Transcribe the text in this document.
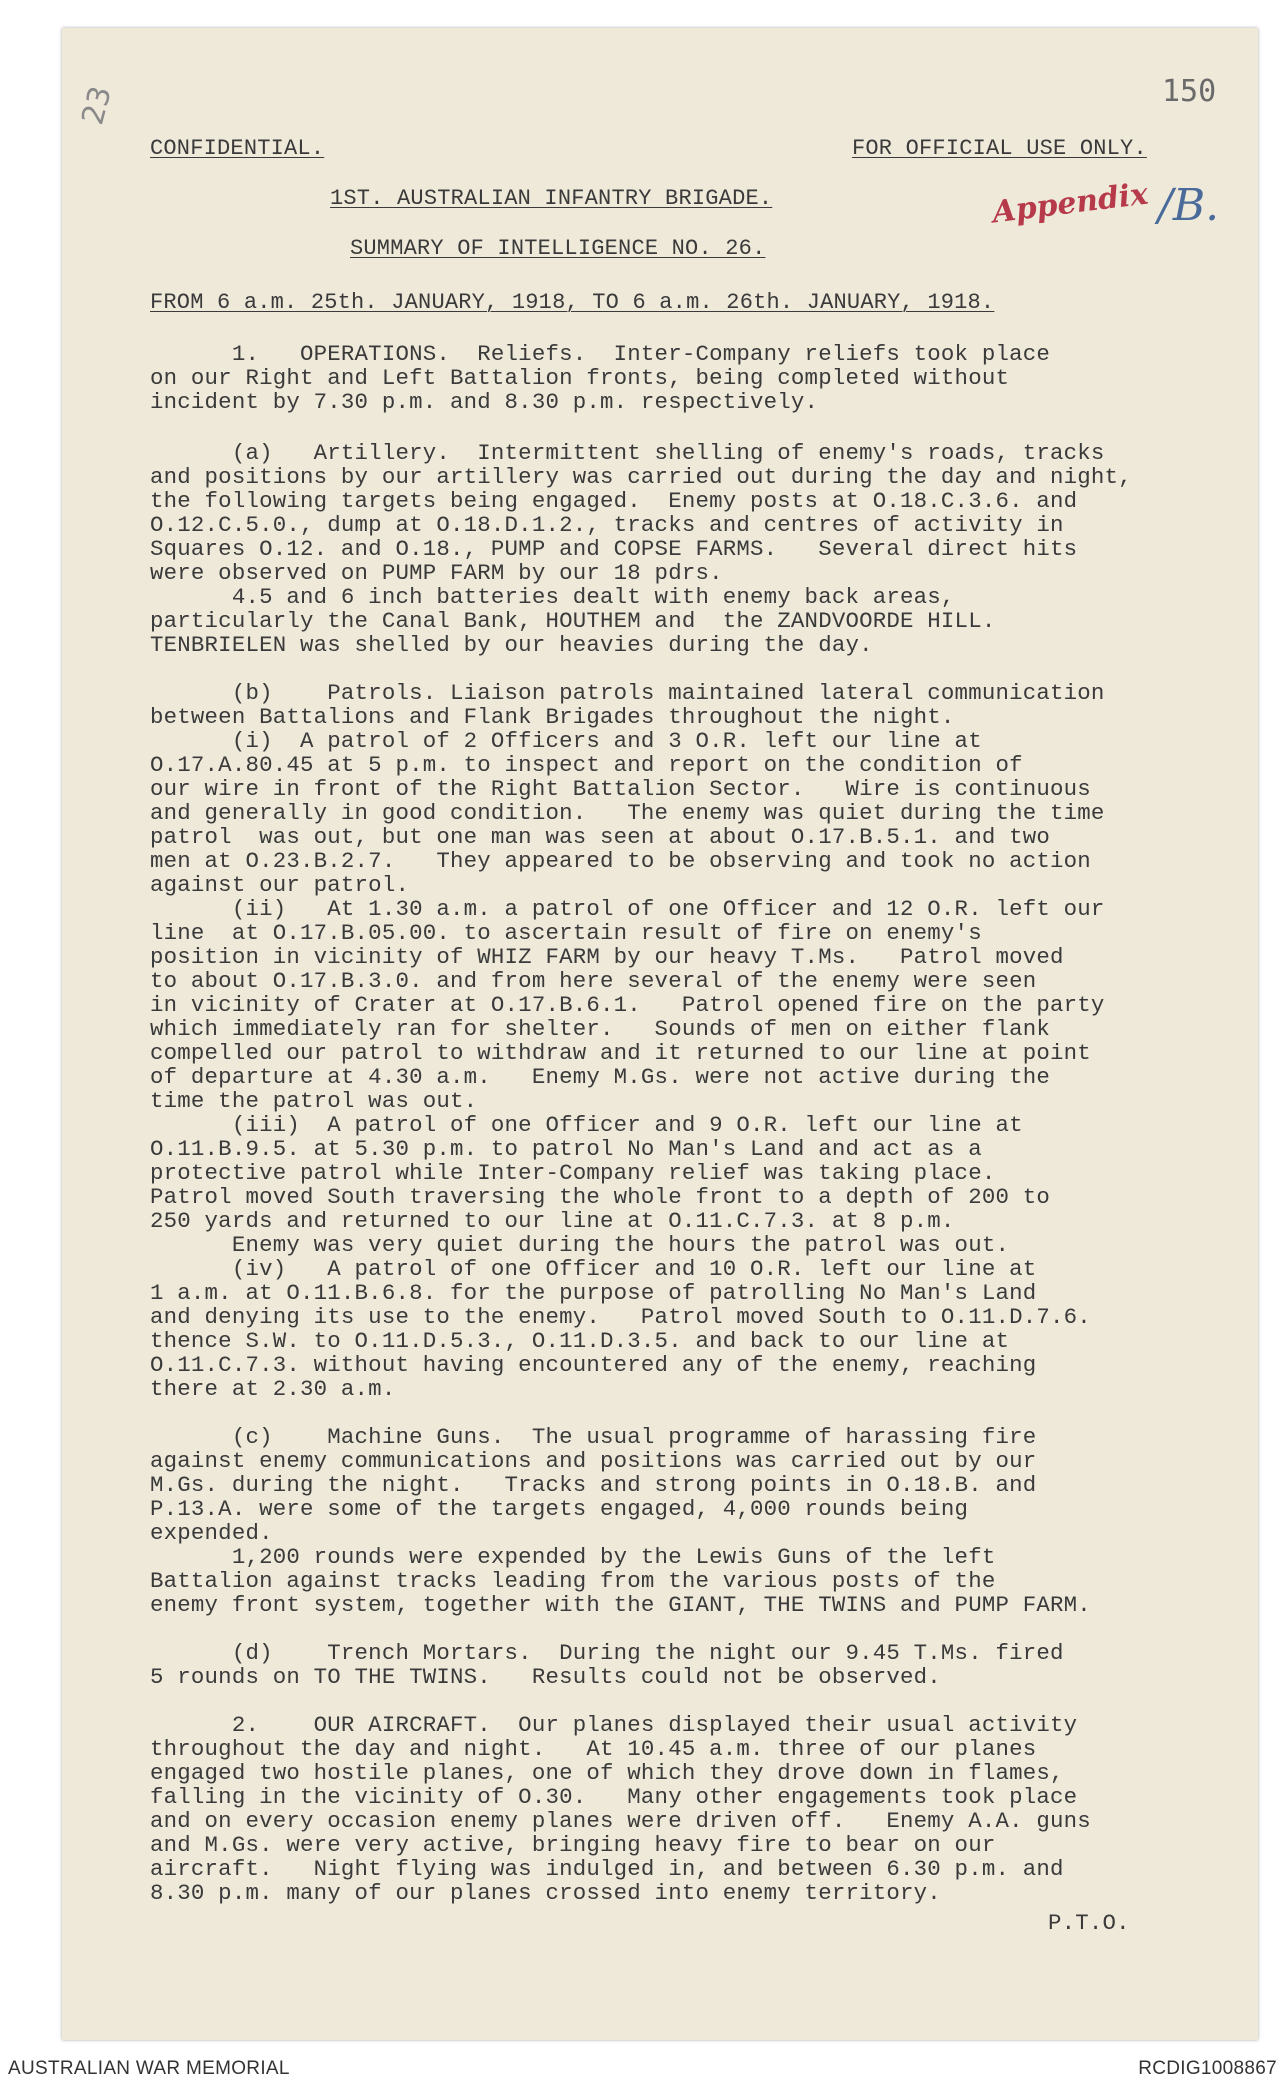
23	150
CONFIDENTIAL.	FOR OFFICIAL USE ONLY.
Appendix /B.
1ST. AUSTRALIAN INFANTRY BRIGADE.
SUMMARY OF INTELLIGENCE NO. 26.
FROM 6 a.m. 25th. JANUARY, 1918, TO 6 a.m. 26th. JANUARY, 1918.
1.   OPERATIONS.  Reliefs.  Inter-Company reliefs took place
on our Right and Left Battalion fronts, being completed without
incident by 7.30 p.m. and 8.30 p.m. respectively.
(a)   Artillery.  Intermittent shelling of enemy's roads, tracks
and positions by our artillery was carried out during the day and night,
the following targets being engaged.  Enemy posts at O.18.C.3.6. and
O.12.C.5.0., dump at O.18.D.1.2., tracks and centres of activity in
Squares O.12. and O.18., PUMP and COPSE FARMS.   Several direct hits
were observed on PUMP FARM by our 18 pdrs.
4.5 and 6 inch batteries dealt with enemy back areas,
particularly the Canal Bank, HOUTHEM and  the ZANDVOORDE HILL.
TENBRIELEN was shelled by our heavies during the day.
(b)    Patrols. Liaison patrols maintained lateral communication
between Battalions and Flank Brigades throughout the night.
(i)  A patrol of 2 Officers and 3 O.R. left our line at
O.17.A.80.45 at 5 p.m. to inspect and report on the condition of
our wire in front of the Right Battalion Sector.   Wire is continuous
and generally in good condition.   The enemy was quiet during the time
patrol  was out, but one man was seen at about O.17.B.5.1. and two
men at O.23.B.2.7.   They appeared to be observing and took no action
against our patrol.
(ii)   At 1.30 a.m. a patrol of one Officer and 12 O.R. left our
line  at O.17.B.05.00. to ascertain result of fire on enemy's
position in vicinity of WHIZ FARM by our heavy T.Ms.   Patrol moved
to about O.17.B.3.0. and from here several of the enemy were seen
in vicinity of Crater at O.17.B.6.1.   Patrol opened fire on the party
which immediately ran for shelter.   Sounds of men on either flank
compelled our patrol to withdraw and it returned to our line at point
of departure at 4.30 a.m.   Enemy M.Gs. were not active during the
time the patrol was out.
(iii)  A patrol of one Officer and 9 O.R. left our line at
O.11.B.9.5. at 5.30 p.m. to patrol No Man's Land and act as a
protective patrol while Inter-Company relief was taking place.
Patrol moved South traversing the whole front to a depth of 200 to
250 yards and returned to our line at O.11.C.7.3. at 8 p.m.
Enemy was very quiet during the hours the patrol was out.
(iv)   A patrol of one Officer and 10 O.R. left our line at
1 a.m. at O.11.B.6.8. for the purpose of patrolling No Man's Land
and denying its use to the enemy.   Patrol moved South to O.11.D.7.6.
thence S.W. to O.11.D.5.3., O.11.D.3.5. and back to our line at
O.11.C.7.3. without having encountered any of the enemy, reaching
there at 2.30 a.m.
(c)    Machine Guns.  The usual programme of harassing fire
against enemy communications and positions was carried out by our
M.Gs. during the night.   Tracks and strong points in O.18.B. and
P.13.A. were some of the targets engaged, 4,000 rounds being
expended.
1,200 rounds were expended by the Lewis Guns of the left
Battalion against tracks leading from the various posts of the
enemy front system, together with the GIANT, THE TWINS and PUMP FARM.
(d)    Trench Mortars.  During the night our 9.45 T.Ms. fired
5 rounds on TO THE TWINS.   Results could not be observed.
2.    OUR AIRCRAFT.  Our planes displayed their usual activity
throughout the day and night.   At 10.45 a.m. three of our planes
engaged two hostile planes, one of which they drove down in flames,
falling in the vicinity of O.30.   Many other engagements took place
and on every occasion enemy planes were driven off.   Enemy A.A. guns
and M.Gs. were very active, bringing heavy fire to bear on our
aircraft.   Night flying was indulged in, and between 6.30 p.m. and
8.30 p.m. many of our planes crossed into enemy territory.
P.T.O.
AUSTRALIAN WAR MEMORIAL	RCDIG1008867
